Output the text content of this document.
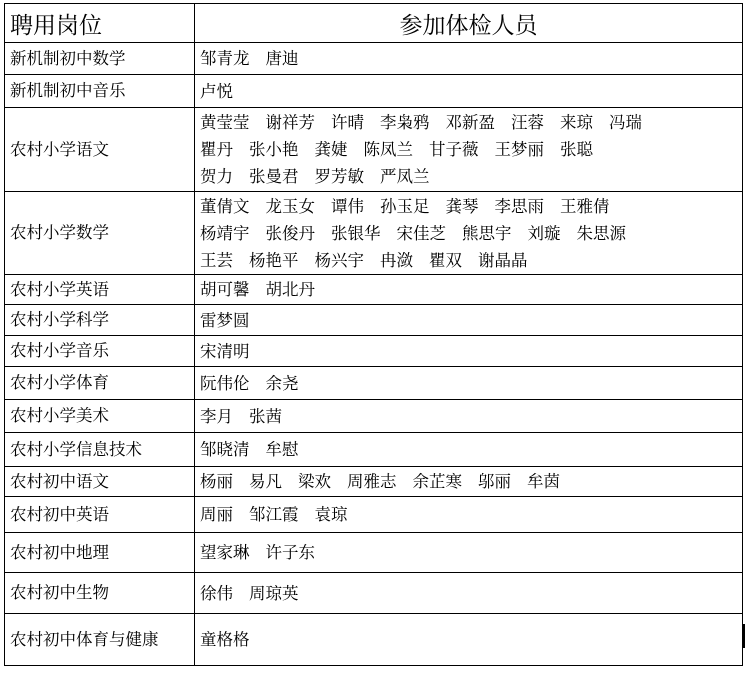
聘用岗位	参加体检人员
新机制初中数学	邹青龙 唐迪

新机制初中音乐	卢悦

农村小学语文	黄莹莹 谢祥芳 许晴 李枭鸦 邓新盈 汪蓉 来琼 冯瑞
瞿丹 张小艳 龚婕 陈凤兰 甘子薇 王梦丽 张聪
贺力 张曼君 罗芳敏 严凤兰

农村小学数学	董倩文 龙玉女 谭伟 孙玉足 龚琴 李思雨 王雅倩
杨靖宇 张俊丹 张银华 宋佳芝 熊思宇 刘璇 朱思源
王芸 杨艳平 杨兴宇 冉潋 瞿双 谢晶晶

农村小学英语	胡可馨 胡北丹

农村小学科学	雷梦圆

农村小学音乐	宋清明

农村小学体育	阮伟伦 余尧

农村小学美术	李月 张茜

农村小学信息技术	邹晓清 牟慰

农村初中语文	杨丽 易凡 梁欢 周雅志 余芷寒 邬丽 牟茵

农村初中英语	周丽 邹江霞 袁琼

农村初中地理	望家琳 许子东

农村初中生物	徐伟 周琼英

农村初中体育与健康	童格格
